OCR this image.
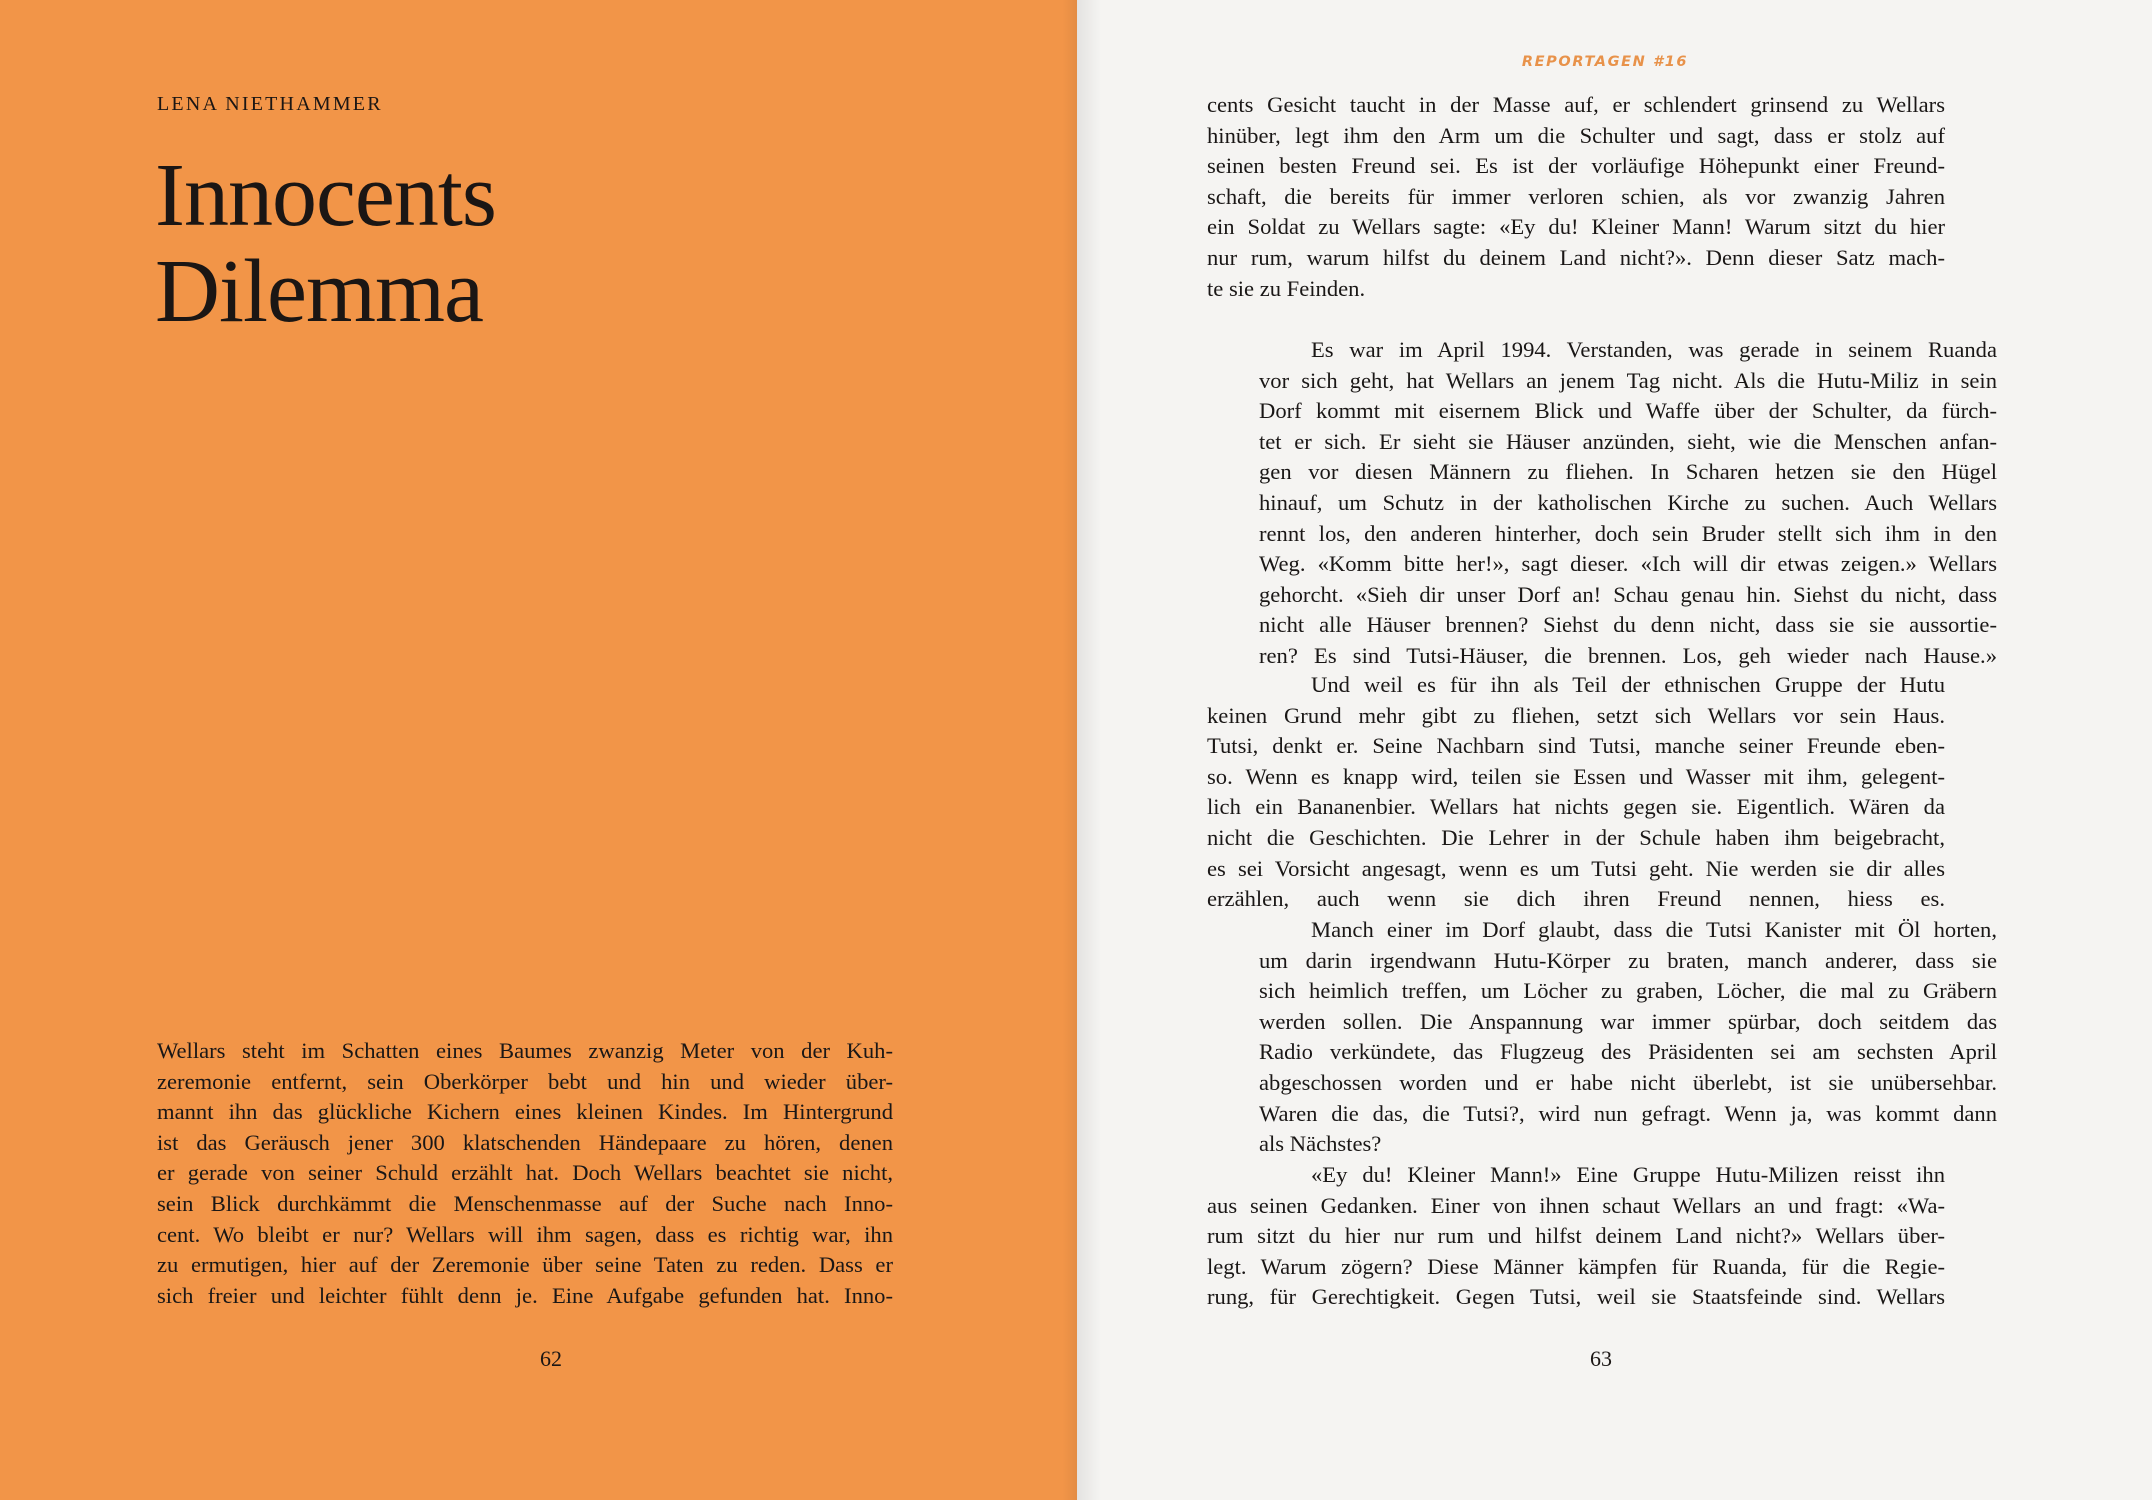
LENA NIETHAMMER
Innocents
Dilemma
Wellars steht im Schatten eines Baumes zwanzig Meter von der Kuh-
zeremonie entfernt, sein Oberkörper bebt und hin und wieder über-
mannt ihn das glückliche Kichern eines kleinen Kindes. Im Hintergrund
ist das Geräusch jener 300 klatschenden Händepaare zu hören, denen
er gerade von seiner Schuld erzählt hat. Doch Wellars beachtet sie nicht,
sein Blick durchkämmt die Menschenmasse auf der Suche nach Inno-
cent. Wo bleibt er nur? Wellars will ihm sagen, dass es richtig war, ihn
zu ermutigen, hier auf der Zeremonie über seine Taten zu reden. Dass er
sich freier und leichter fühlt denn je. Eine Aufgabe gefunden hat. Inno-
62
REPORTAGEN #16
cents Gesicht taucht in der Masse auf, er schlendert grinsend zu Wellars
hinüber, legt ihm den Arm um die Schulter und sagt, dass er stolz auf
seinen besten Freund sei. Es ist der vorläufige Höhepunkt einer Freund-
schaft, die bereits für immer verloren schien, als vor zwanzig Jahren
ein Soldat zu Wellars sagte: «Ey du! Kleiner Mann! Warum sitzt du hier
nur rum, warum hilfst du deinem Land nicht?». Denn dieser Satz mach-
te sie zu Feinden.
Es war im April 1994. Verstanden, was gerade in seinem Ruanda
vor sich geht, hat Wellars an jenem Tag nicht. Als die Hutu-Miliz in sein
Dorf kommt mit eisernem Blick und Waffe über der Schulter, da fürch-
tet er sich. Er sieht sie Häuser anzünden, sieht, wie die Menschen anfan-
gen vor diesen Männern zu fliehen. In Scharen hetzen sie den Hügel
hinauf, um Schutz in der katholischen Kirche zu suchen. Auch Wellars
rennt los, den anderen hinterher, doch sein Bruder stellt sich ihm in den
Weg. «Komm bitte her!», sagt dieser. «Ich will dir etwas zeigen.» Wellars
gehorcht. «Sieh dir unser Dorf an! Schau genau hin. Siehst du nicht, dass
nicht alle Häuser brennen? Siehst du denn nicht, dass sie sie aussortie-
ren? Es sind Tutsi-Häuser, die brennen. Los, geh wieder nach Hause.»
Und weil es für ihn als Teil der ethnischen Gruppe der Hutu
keinen Grund mehr gibt zu fliehen, setzt sich Wellars vor sein Haus.
Tutsi, denkt er. Seine Nachbarn sind Tutsi, manche seiner Freunde eben-
so. Wenn es knapp wird, teilen sie Essen und Wasser mit ihm, gelegent-
lich ein Bananenbier. Wellars hat nichts gegen sie. Eigentlich. Wären da
nicht die Geschichten. Die Lehrer in der Schule haben ihm beigebracht,
es sei Vorsicht angesagt, wenn es um Tutsi geht. Nie werden sie dir alles
erzählen, auch wenn sie dich ihren Freund nennen, hiess es.
Manch einer im Dorf glaubt, dass die Tutsi Kanister mit Öl horten,
um darin irgendwann Hutu-Körper zu braten, manch anderer, dass sie
sich heimlich treffen, um Löcher zu graben, Löcher, die mal zu Gräbern
werden sollen. Die Anspannung war immer spürbar, doch seitdem das
Radio verkündete, das Flugzeug des Präsidenten sei am sechsten April
abgeschossen worden und er habe nicht überlebt, ist sie unübersehbar.
Waren die das, die Tutsi?, wird nun gefragt. Wenn ja, was kommt dann
als Nächstes?
«Ey du! Kleiner Mann!» Eine Gruppe Hutu-Milizen reisst ihn
aus seinen Gedanken. Einer von ihnen schaut Wellars an und fragt: «Wa-
rum sitzt du hier nur rum und hilfst deinem Land nicht?» Wellars über-
legt. Warum zögern? Diese Männer kämpfen für Ruanda, für die Regie-
rung, für Gerechtigkeit. Gegen Tutsi, weil sie Staatsfeinde sind. Wellars
63
